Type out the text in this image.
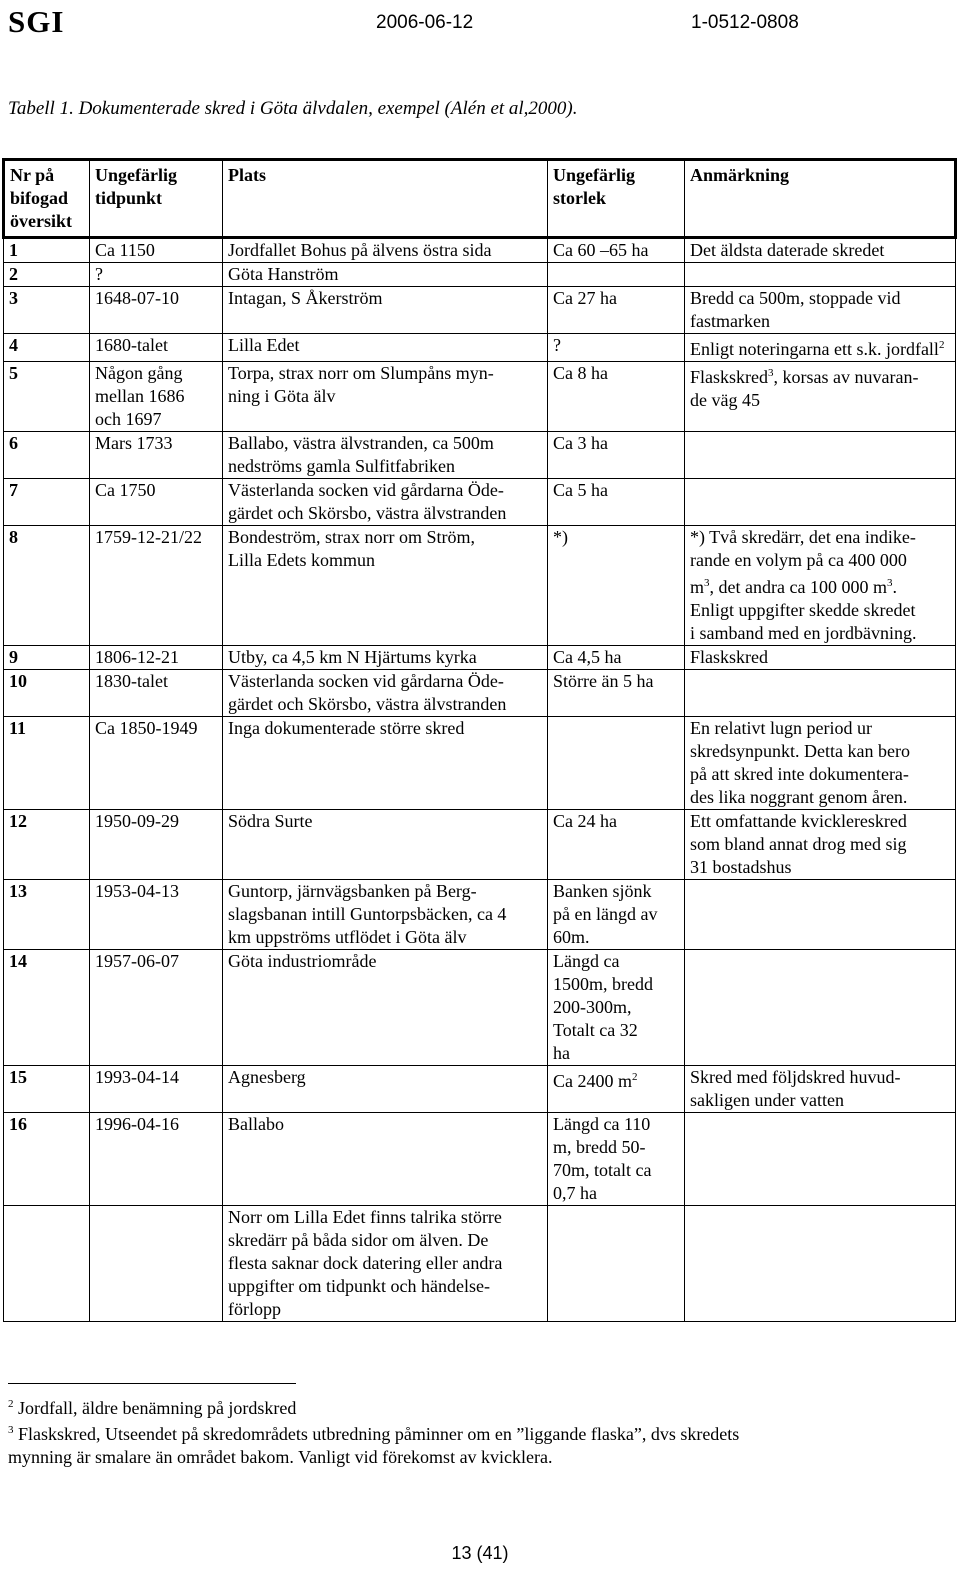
SGI	2006-06-12	1-0512-0808
Tabell 1. Dokumenterade skred i Göta älvdalen, exempel (Alén et al,2000).
Nr på
bifogad
översikt	Ungefärlig
tidpunkt	Plats	Ungefärlig
storlek	Anmärkning
1	Ca 1150	Jordfallet Bohus på älvens östra sida	Ca 60 –65 ha	Det äldsta daterade skredet
2	?	Göta Hanström		
3	1648-07-10	Intagan, S Åkerström	Ca 27 ha	Bredd ca 500m, stoppade vid fastmarken
4	1680-talet	Lilla Edet	?	Enligt noteringarna ett s.k. jordfall$^2$
5	Någon gång
mellan 1686
och 1697	Torpa, strax norr om Slumpåns myn-
ning i Göta älv	Ca 8 ha	Flaskskred$^3$, korsas av nuvaran-
de väg 45
6	Mars 1733	Ballabo, västra älvstranden, ca 500m
nedströms gamla Sulfitfabriken	Ca 3 ha	
7	Ca 1750	Västerlanda socken vid gårdarna Öde-
gärdet och Skörsbo, västra älvstranden	Ca 5 ha	
8	1759-12-21/22	Bondeström, strax norr om Ström,
Lilla Edets kommun	*)	*) Två skredärr, det ena indike-
rande en volym på ca 400 000
$m^3$, det andra ca 100 000 $m^3$.
Enligt uppgifter skedde skredet
i samband med en jordbävning.
9	1806-12-21	Utby, ca 4,5 km N Hjärtums kyrka	Ca 4,5 ha	Flaskskred
10	1830-talet	Västerlanda socken vid gårdarna Öde-
gärdet och Skörsbo, västra älvstranden	Större än 5 ha	
11	Ca 1850-1949	Inga dokumenterade större skred		En relativt lugn period ur
skredsynpunkt. Detta kan bero
på att skred inte dokumentera-
des lika noggrant genom åren.
12	1950-09-29	Södra Surte	Ca 24 ha	Ett omfattande kvicklereskred
som bland annat drog med sig
31 bostadshus
13	1953-04-13	Guntorp, järnvägsbanken på Berg-
slagsbanan intill Guntorpsbäcken, ca 4
km uppströms utflödet i Göta älv	Banken sjönk
på en längd av
60m.	
14	1957-06-07	Göta industriområde	Längd ca
1500m, bredd
200-300m,
Totalt ca 32
ha	
15	1993-04-14	Agnesberg	Ca 2400 $m^2$	Skred med följdskred huvud-
sakligen under vatten
16	1996-04-16	Ballabo	Längd ca 110
m, bredd 50-
70m, totalt ca
0,7 ha	
		Norr om Lilla Edet finns talrika större
skredärr på båda sidor om älven. De
flesta saknar dock datering eller andra
uppgifter om tidpunkt och händelse-
förlopp		
$^2$ Jordfall, äldre benämning på jordskred
$^3$ Flaskskred, Utseendet på skredområdets utbredning påminner om en ”liggande flaska”, dvs skredets
mynning är smalare än området bakom. Vanligt vid förekomst av kvicklera.
13 (41)
